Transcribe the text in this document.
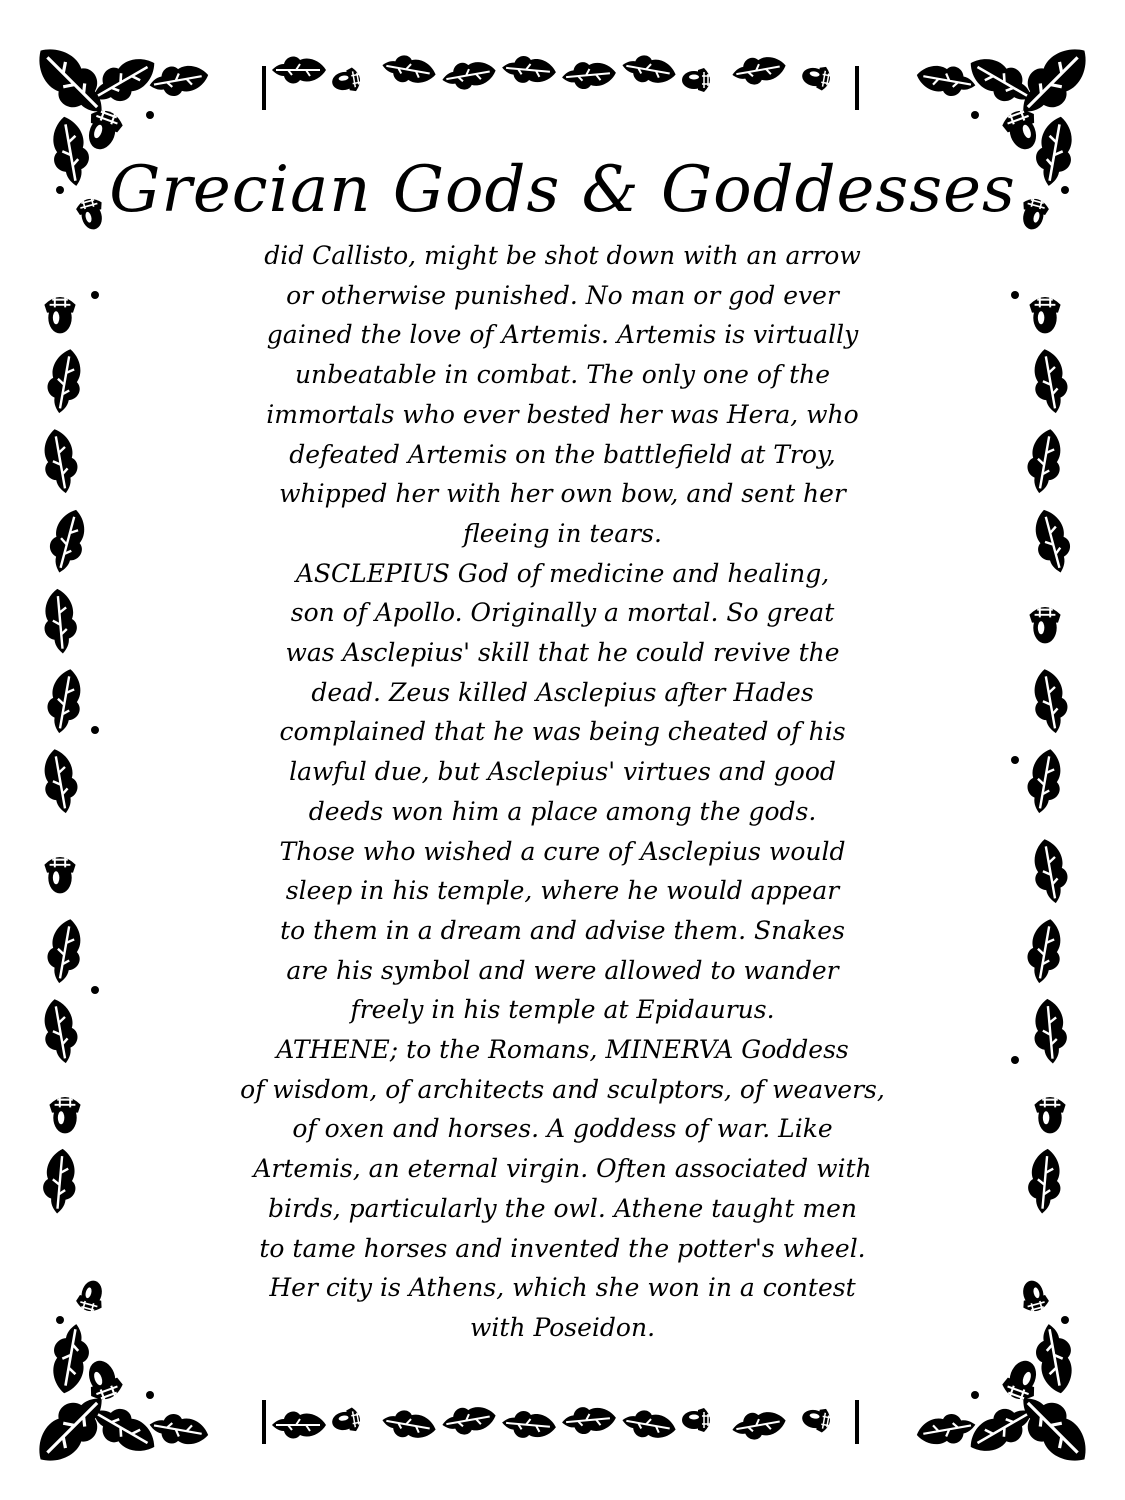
Grecian Gods & Goddesses
did Callisto, might be shot down with an arrow
or otherwise punished. No man or god ever
gained the love of Artemis. Artemis is virtually
unbeatable in combat. The only one of the
immortals who ever bested her was Hera, who
defeated Artemis on the battlefield at Troy,
whipped her with her own bow, and sent her
fleeing in tears.
ASCLEPIUS God of medicine and healing,
son of Apollo. Originally a mortal. So great
was Asclepius' skill that he could revive the
dead. Zeus killed Asclepius after Hades
complained that he was being cheated of his
lawful due, but Asclepius' virtues and good
deeds won him a place among the gods.
Those who wished a cure of Asclepius would
sleep in his temple, where he would appear
to them in a dream and advise them. Snakes
are his symbol and were allowed to wander
freely in his temple at Epidaurus.
ATHENE; to the Romans, MINERVA Goddess
of wisdom, of architects and sculptors, of weavers,
of oxen and horses. A goddess of war. Like
Artemis, an eternal virgin. Often associated with
birds, particularly the owl. Athene taught men
to tame horses and invented the potter's wheel.
Her city is Athens, which she won in a contest
with Poseidon.
